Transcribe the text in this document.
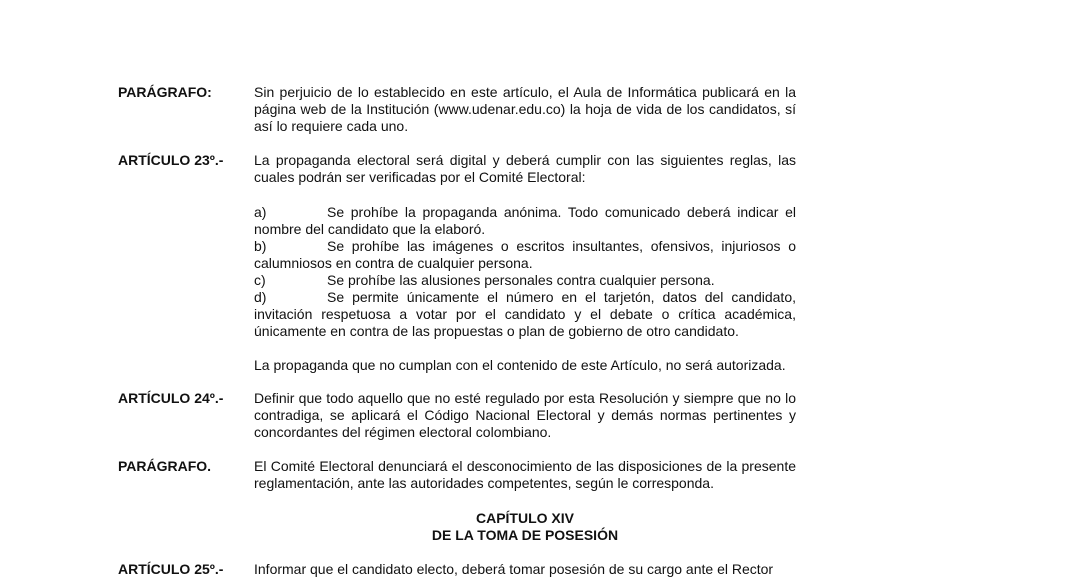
PARÁGRAFO:	Sin perjuicio de lo establecido en este artículo, el Aula de Informática publicará en la página web de la Institución (www.udenar.edu.co) la hoja de vida de los candidatos, sí así lo requiere cada uno.
ARTÍCULO 23º.- La propaganda electoral será digital y deberá cumplir con las siguientes reglas, las cuales podrán ser verificadas por el Comité Electoral:
a)	Se prohíbe la propaganda anónima. Todo comunicado deberá indicar el nombre del candidato que la elaboró.
b)	Se prohíbe las imágenes o escritos insultantes, ofensivos, injuriosos o calumniosos en contra de cualquier persona.
c)	Se prohíbe las alusiones personales contra cualquier persona.
d)	Se permite únicamente el número en el tarjetón, datos del candidato, invitación respetuosa a votar por el candidato y el debate o crítica académica, únicamente en contra de las propuestas o plan de gobierno de otro candidato.
La propaganda que no cumplan con el contenido de este Artículo, no será autorizada.
ARTÍCULO 24º.- Definir que todo aquello que no esté regulado por esta Resolución y siempre que no lo contradiga, se aplicará el Código Nacional Electoral y demás normas pertinentes y concordantes del régimen electoral colombiano.
PARÁGRAFO.	El Comité Electoral denunciará el desconocimiento de las disposiciones de la presente reglamentación, ante las autoridades competentes, según le corresponda.
CAPÍTULO XIV
DE LA TOMA DE POSESIÓN
ARTÍCULO 25º.- Informar que el candidato electo, deberá tomar posesión de su cargo ante el Rector
